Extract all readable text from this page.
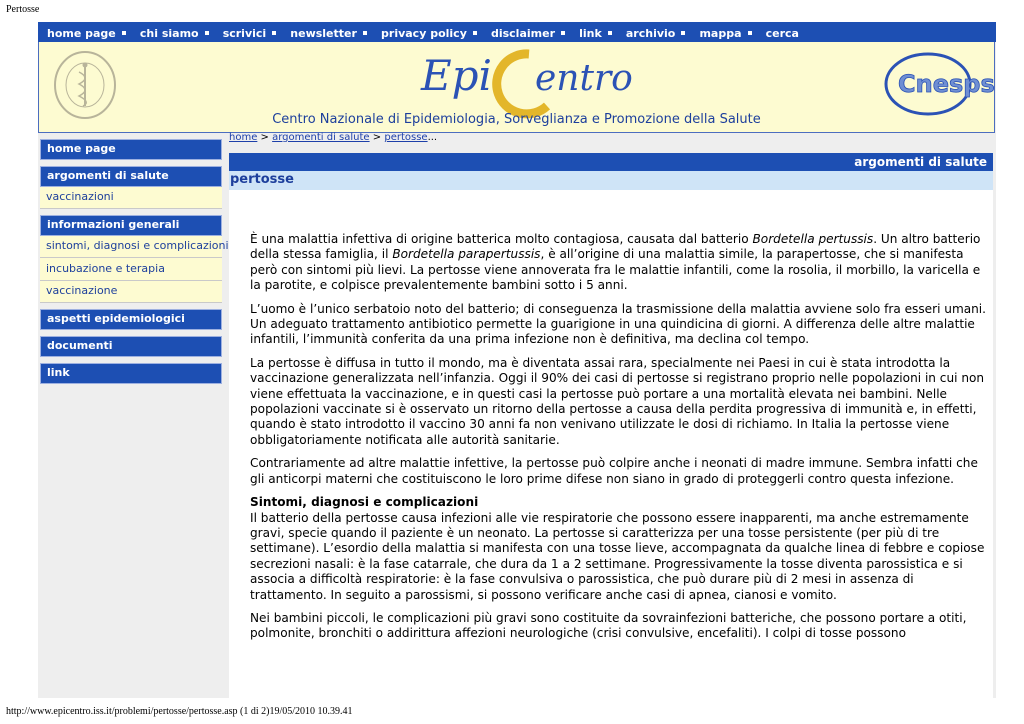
Pertosse
home page chi siamo scrivici newsletter privacy policy disclaimer link archivio mappa cerca
Epi entro	Cnesps
Centro Nazionale di Epidemiologia, Sorveglianza e Promozione della Salute
home page
argomenti di salute
vaccinazioni
informazioni generali
sintomi, diagnosi e complicazioni
incubazione e terapia
vaccinazione
aspetti epidemiologici
documenti
link
home > argomenti di salute > pertosse...
argomenti di salute
pertosse

È una malattia infettiva di origine batterica molto contagiosa, causata dal batterio Bordetella pertussis. Un altro batterio della stessa famiglia, il Bordetella parapertussis, è all’origine di una malattia simile, la parapertosse, che si manifesta però con sintomi più lievi. La pertosse viene annoverata fra le malattie infantili, come la rosolia, il morbillo, la varicella e la parotite, e colpisce prevalentemente bambini sotto i 5 anni.

L’uomo è l’unico serbatoio noto del batterio; di conseguenza la trasmissione della malattia avviene solo fra esseri umani. Un adeguato trattamento antibiotico permette la guarigione in una quindicina di giorni. A differenza delle altre malattie infantili, l’immunità conferita da una prima infezione non è definitiva, ma declina col tempo.

La pertosse è diffusa in tutto il mondo, ma è diventata assai rara, specialmente nei Paesi in cui è stata introdotta la vaccinazione generalizzata nell’infanzia. Oggi il 90% dei casi di pertosse si registrano proprio nelle popolazioni in cui non viene effettuata la vaccinazione, e in questi casi la pertosse può portare a una mortalità elevata nei bambini. Nelle popolazioni vaccinate si è osservato un ritorno della pertosse a causa della perdita progressiva di immunità e, in effetti, quando è stato introdotto il vaccino 30 anni fa non venivano utilizzate le dosi di richiamo. In Italia la pertosse viene obbligatoriamente notificata alle autorità sanitarie.

Contrariamente ad altre malattie infettive, la pertosse può colpire anche i neonati di madre immune. Sembra infatti che gli anticorpi materni che costituiscono le loro prime difese non siano in grado di proteggerli contro questa infezione.

Sintomi, diagnosi e complicazioni

Il batterio della pertosse causa infezioni alle vie respiratorie che possono essere inapparenti, ma anche estremamente gravi, specie quando il paziente è un neonato. La pertosse si caratterizza per una tosse persistente (per più di tre settimane). L’esordio della malattia si manifesta con una tosse lieve, accompagnata da qualche linea di febbre e copiose secrezioni nasali: è la fase catarrale, che dura da 1 a 2 settimane. Progressivamente la tosse diventa parossistica e si associa a difficoltà respiratorie: è la fase convulsiva o parossistica, che può durare più di 2 mesi in assenza di trattamento. In seguito a parossismi, si possono verificare anche casi di apnea, cianosi e vomito.

Nei bambini piccoli, le complicazioni più gravi sono costituite da sovrainfezioni batteriche, che possono portare a otiti, polmonite, bronchiti o addirittura affezioni neurologiche (crisi convulsive, encefaliti). I colpi di tosse possono

http://www.epicentro.iss.it/problemi/pertosse/pertosse.asp (1 di 2)19/05/2010 10.39.41
